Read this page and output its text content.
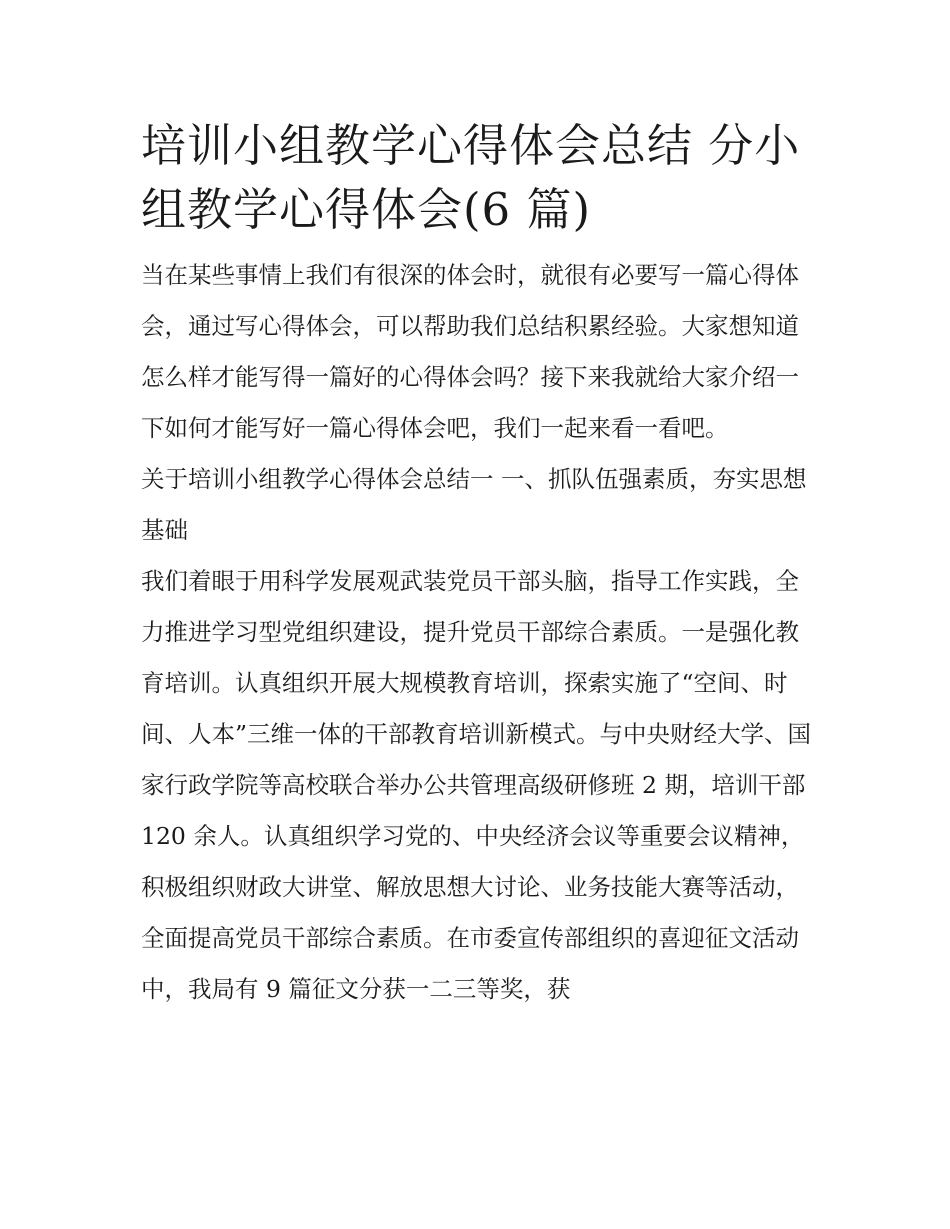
培训小组教学心得体会总结 分小组教学心得体会(6 篇)

当在某些事情上我们有很深的体会时，就很有必要写一篇心得体会，通过写心得体会，可以帮助我们总结积累经验。大家想知道怎么样才能写得一篇好的心得体会吗？接下来我就给大家介绍一下如何才能写好一篇心得体会吧，我们一起来看一看吧。

关于培训小组教学心得体会总结一 一、抓队伍强素质，夯实思想基础

我们着眼于用科学发展观武装党员干部头脑，指导工作实践，全力推进学习型党组织建设，提升党员干部综合素质。一是强化教育培训。认真组织开展大规模教育培训，探索实施了“空间、时间、人本”三维一体的干部教育培训新模式。与中央财经大学、国家行政学院等高校联合举办公共管理高级研修班 2 期，培训干部 120 余人。认真组织学习党的、中央经济会议等重要会议精神，积极组织财政大讲堂、解放思想大讨论、业务技能大赛等活动，全面提高党员干部综合素质。在市委宣传部组织的喜迎征文活动中，我局有 9 篇征文分获一二三等奖，获
